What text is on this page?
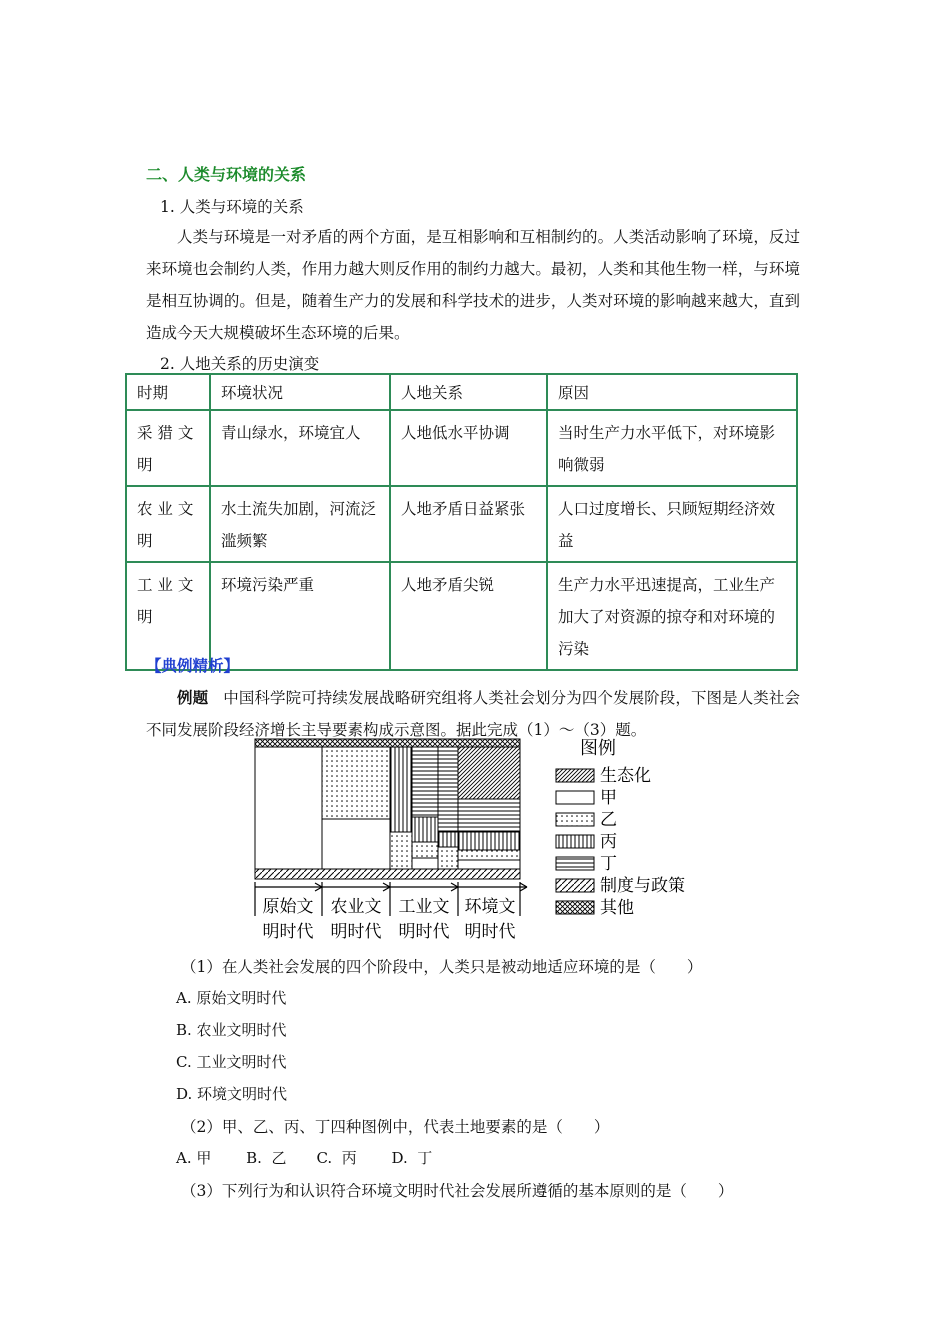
二、人类与环境的关系
1. 人类与环境的关系
人类与环境是一对矛盾的两个方面，是互相影响和互相制约的。人类活动影响了环境，反过来环境也会制约人类，作用力越大则反作用的制约力越大。最初，人类和其他生物一样，与环境是相互协调的。但是，随着生产力的发展和科学技术的进步，人类对环境的影响越来越大，直到造成今天大规模破坏生态环境的后果。
2. 人地关系的历史演变
时期	环境状况	人地关系	原因
采 猎 文明	青山绿水，环境宜人	人地低水平协调	当时生产力水平低下，对环境影响微弱
农 业 文明	水土流失加剧，河流泛滥频繁	人地矛盾日益紧张	人口过度增长、只顾短期经济效益
工 业 文明	环境污染严重	人地矛盾尖锐	生产力水平迅速提高，工业生产加大了对资源的掠夺和对环境的污染
【典例精析】
例题 中国科学院可持续发展战略研究组将人类社会划分为四个发展阶段，下图是人类社会不同发展阶段经济增长主导要素构成示意图。据此完成（1）～（3）题。
原始文
明时代
农业文
明时代
工业文
明时代
环境文
明时代
图例
生态化
甲
乙
丙
丁
制度与政策
其他
（1）在人类社会发展的四个阶段中，人类只是被动地适应环境的是（　　）
A. 原始文明时代
B. 农业文明时代
C. 工业文明时代
D. 环境文明时代
（2）甲、乙、丙、丁四种图例中，代表土地要素的是（　　）
A. 甲　　 B.  乙　　C.  丙　　 D.  丁
（3）下列行为和认识符合环境文明时代社会发展所遵循的基本原则的是（　　）
